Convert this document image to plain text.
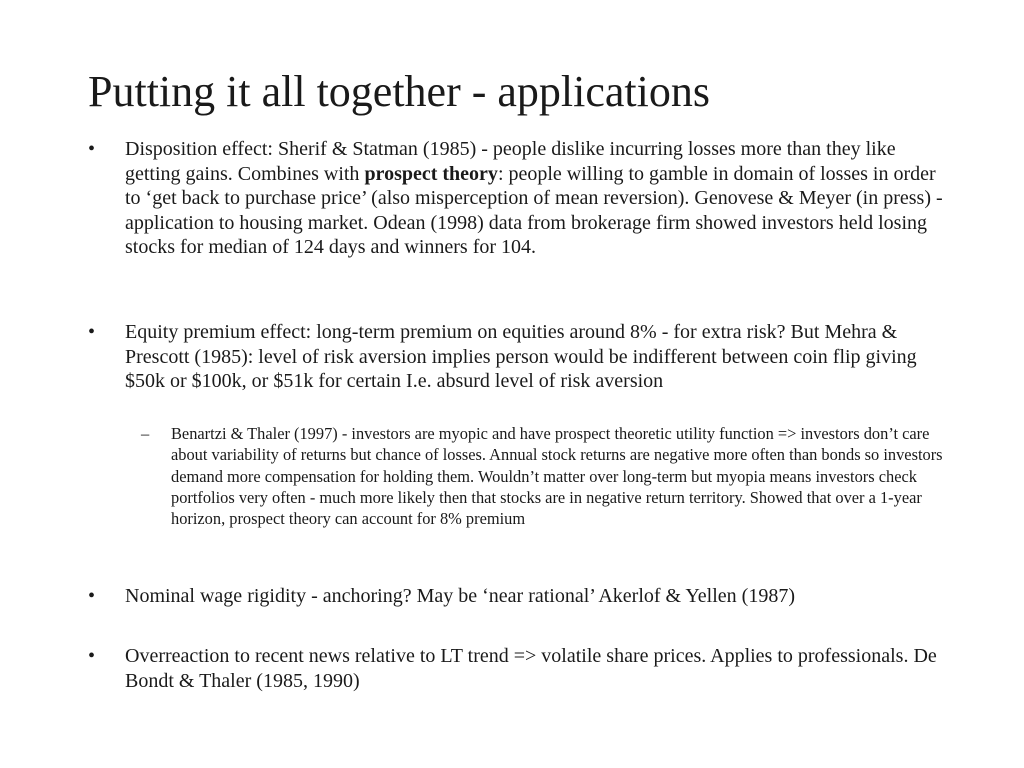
Putting it all together - applications
•	Disposition effect: Sherif & Statman (1985) - people dislike incurring losses more than they like getting gains. Combines with prospect theory: people willing to gamble in domain of losses in order to ‘get back to purchase price’ (also misperception of mean reversion). Genovese & Meyer (in press) - application to housing market. Odean (1998) data from brokerage firm showed investors held losing stocks for median of 124 days and winners for 104.
•	Equity premium effect: long-term premium on equities around 8% - for extra risk? But Mehra & Prescott (1985): level of risk aversion implies person would be indifferent between coin flip giving $50k or $100k, or $51k for certain I.e. absurd level of risk aversion
–	Benartzi & Thaler (1997) - investors are myopic and have prospect theoretic utility function => investors don’t care about variability of returns but chance of losses. Annual stock returns are negative more often than bonds so investors demand more compensation for holding them. Wouldn’t matter over long-term but myopia means investors check portfolios very often - much more likely then that stocks are in negative return territory. Showed that over a 1-year horizon, prospect theory can account for 8% premium
•	Nominal wage rigidity - anchoring? May be ‘near rational’ Akerlof & Yellen (1987)
•	Overreaction to recent news relative to LT trend => volatile share prices. Applies to professionals. De Bondt & Thaler (1985, 1990)
